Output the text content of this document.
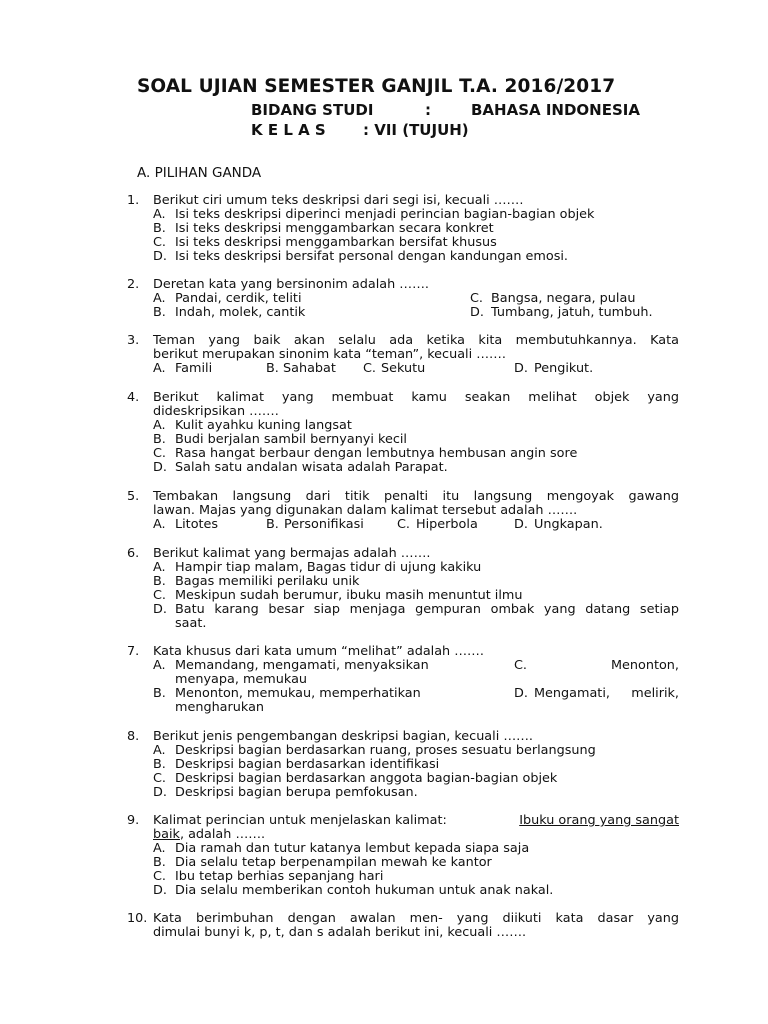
SOAL UJIAN SEMESTER GANJIL T.A. 2016/2017
BIDANG STUDI	:	BAHASA INDONESIA
K E L A S : VII (TUJUH)
A. PILIHAN GANDA
1. Berikut ciri umum teks deskripsi dari segi isi, kecuali …….
A. Isi teks deskripsi diperinci menjadi perincian bagian-bagian objek
B. Isi teks deskripsi menggambarkan secara konkret
C. Isi teks deskripsi menggambarkan bersifat khusus
D. Isi teks deskripsi bersifat personal dengan kandungan emosi.
2. Deretan kata yang bersinonim adalah …….
A. Pandai, cerdik, teliti	C. Bangsa, negara, pulau
B. Indah, molek, cantik	D. Tumbang, jatuh, tumbuh.
3. Teman yang baik akan selalu ada ketika kita membutuhkannya. Kata
berikut merupakan sinonim kata “teman”, kecuali …….
A. Famili	B. Sahabat C. Sekutu	D. Pengikut.
4. Berikut kalimat yang membuat kamu seakan melihat objek yang
dideskripsikan …….
A. Kulit ayahku kuning langsat
B. Budi berjalan sambil bernyanyi kecil
C. Rasa hangat berbaur dengan lembutnya hembusan angin sore
D. Salah satu andalan wisata adalah Parapat.
5. Tembakan langsung dari titik penalti itu langsung mengoyak gawang
lawan. Majas yang digunakan dalam kalimat tersebut adalah …….
A. Litotes	B. Personifikasi	C. Hiperbola	D. Ungkapan.
6. Berikut kalimat yang bermajas adalah …….
A. Hampir tiap malam, Bagas tidur di ujung kakiku
B. Bagas memiliki perilaku unik
C. Meskipun sudah berumur, ibuku masih menuntut ilmu
D. Batu karang besar siap menjaga gempuran ombak yang datang setiap
saat.
7. Kata khusus dari kata umum “melihat” adalah …….
A. Memandang, mengamati, menyaksikan	C.	Menonton,
menyapa, memukau
B. Menonton, memukau, memperhatikan	D. Mengamati, melirik,
mengharukan
8. Berikut jenis pengembangan deskripsi bagian, kecuali …….
A. Deskripsi bagian berdasarkan ruang, proses sesuatu berlangsung
B. Deskripsi bagian berdasarkan identifikasi
C. Deskripsi bagian berdasarkan anggota bagian-bagian objek
D. Deskripsi bagian berupa pemfokusan.
9. Kalimat perincian untuk menjelaskan kalimat:	Ibuku orang yang sangat
baik, adalah …….
A. Dia ramah dan tutur katanya lembut kepada siapa saja
B. Dia selalu tetap berpenampilan mewah ke kantor
C. Ibu tetap berhias sepanjang hari
D. Dia selalu memberikan contoh hukuman untuk anak nakal.
10. Kata berimbuhan dengan awalan men- yang diikuti kata dasar yang
dimulai bunyi k, p, t, dan s adalah berikut ini, kecuali …….
